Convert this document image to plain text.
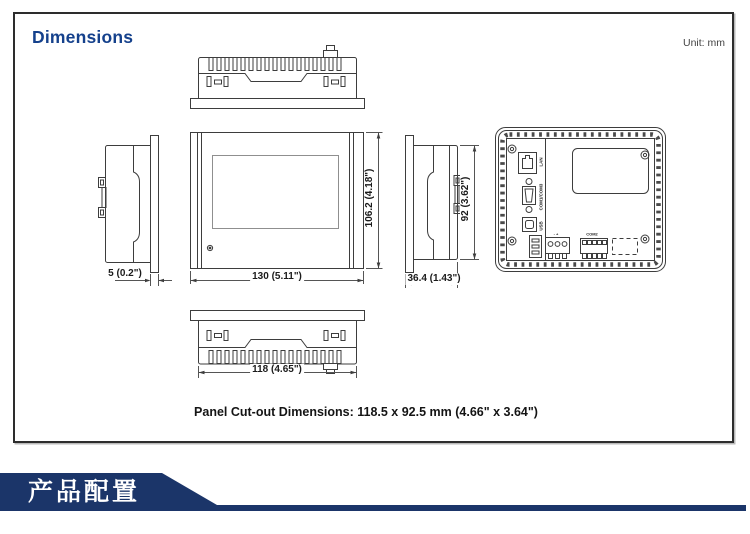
Dimensions	Unit: mm
5 (0.2")	130 (5.11")
106.2 (4.18")
36.4 (1.43")
92 (3.62")
118 (4.65")
LAN
COM1/COM3
USB
- +	COM2
Panel Cut-out Dimensions: 118.5 x 92.5 mm (4.66" x 3.64")
产品配置
